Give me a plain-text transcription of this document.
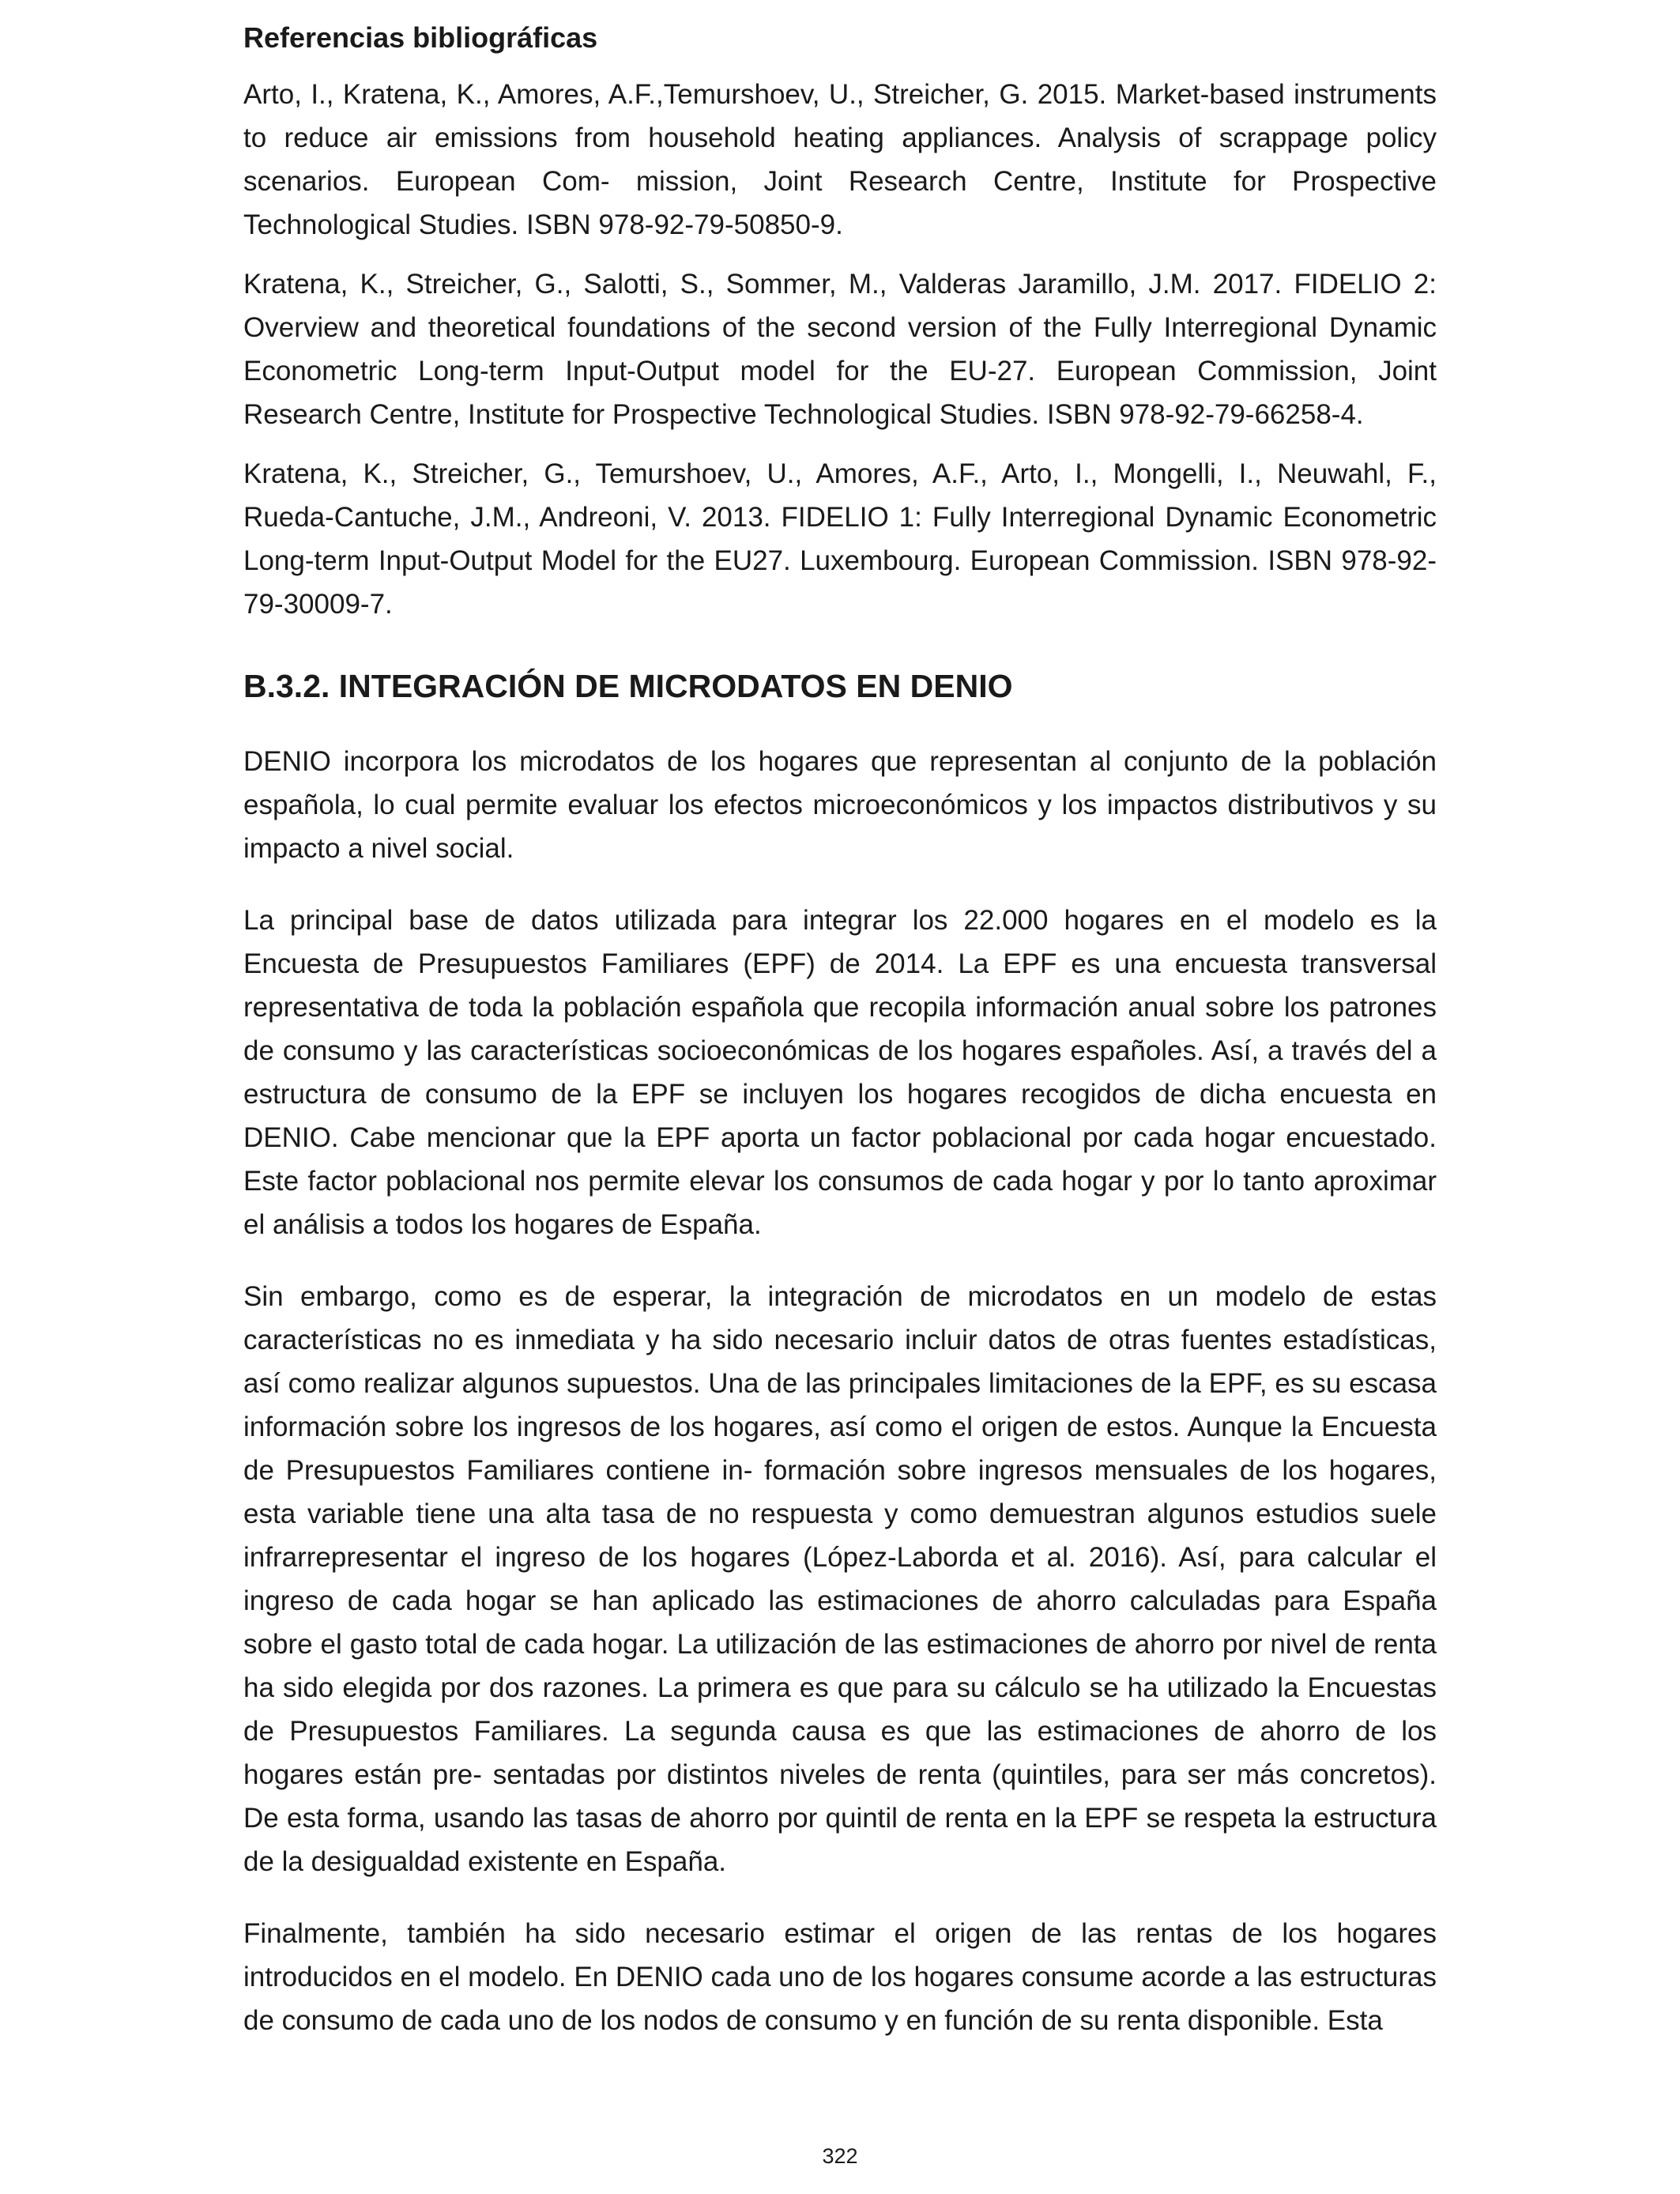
Referencias bibliográficas

Arto, I., Kratena, K., Amores, A.F.,Temurshoev, U., Streicher, G. 2015. Market-based instruments to reduce air emissions from household heating appliances. Analysis of scrappage policy scenarios. European Com- mission, Joint Research Centre, Institute for Prospective Technological Studies. ISBN 978-92-79-50850-9.

Kratena, K., Streicher, G., Salotti, S., Sommer, M., Valderas Jaramillo, J.M. 2017. FIDELIO 2: Overview and theoretical foundations of the second version of the Fully Interregional Dynamic Econometric Long-term Input-Output model for the EU-27. European Commission, Joint Research Centre, Institute for Prospective Technological Studies. ISBN 978-92-79-66258-4.

Kratena, K., Streicher, G., Temurshoev, U., Amores, A.F., Arto, I., Mongelli, I., Neuwahl, F., Rueda-Cantuche, J.M., Andreoni, V. 2013. FIDELIO 1: Fully Interregional Dynamic Econometric Long-term Input-Output Model for the EU27. Luxembourg. European Commission. ISBN 978-92-79-30009-7.

B.3.2. INTEGRACIÓN DE MICRODATOS EN DENIO

DENIO incorpora los microdatos de los hogares que representan al conjunto de la población española, lo cual permite evaluar los efectos microeconómicos y los impactos distributivos y su impacto a nivel social.

La principal base de datos utilizada para integrar los 22.000 hogares en el modelo es la Encuesta de Presupuestos Familiares (EPF) de 2014. La EPF es una encuesta transversal representativa de toda la población española que recopila información anual sobre los patrones de consumo y las características socioeconómicas de los hogares españoles. Así, a través del a estructura de consumo de la EPF se incluyen los hogares recogidos de dicha encuesta en DENIO. Cabe mencionar que la EPF aporta un factor poblacional por cada hogar encuestado. Este factor poblacional nos permite elevar los consumos de cada hogar y por lo tanto aproximar el análisis a todos los hogares de España.

Sin embargo, como es de esperar, la integración de microdatos en un modelo de estas características no es inmediata y ha sido necesario incluir datos de otras fuentes estadísticas, así como realizar algunos supuestos. Una de las principales limitaciones de la EPF, es su escasa información sobre los ingresos de los hogares, así como el origen de estos. Aunque la Encuesta de Presupuestos Familiares contiene in- formación sobre ingresos mensuales de los hogares, esta variable tiene una alta tasa de no respuesta y como demuestran algunos estudios suele infrarrepresentar el ingreso de los hogares (López-Laborda et al. 2016). Así, para calcular el ingreso de cada hogar se han aplicado las estimaciones de ahorro calculadas para España sobre el gasto total de cada hogar. La utilización de las estimaciones de ahorro por nivel de renta ha sido elegida por dos razones. La primera es que para su cálculo se ha utilizado la Encuestas de Presupuestos Familiares. La segunda causa es que las estimaciones de ahorro de los hogares están pre- sentadas por distintos niveles de renta (quintiles, para ser más concretos). De esta forma, usando las tasas de ahorro por quintil de renta en la EPF se respeta la estructura de la desigualdad existente en España.

Finalmente, también ha sido necesario estimar el origen de las rentas de los hogares introducidos en el modelo. En DENIO cada uno de los hogares consume acorde a las estructuras de consumo de cada uno de los nodos de consumo y en función de su renta disponible. Esta

322
